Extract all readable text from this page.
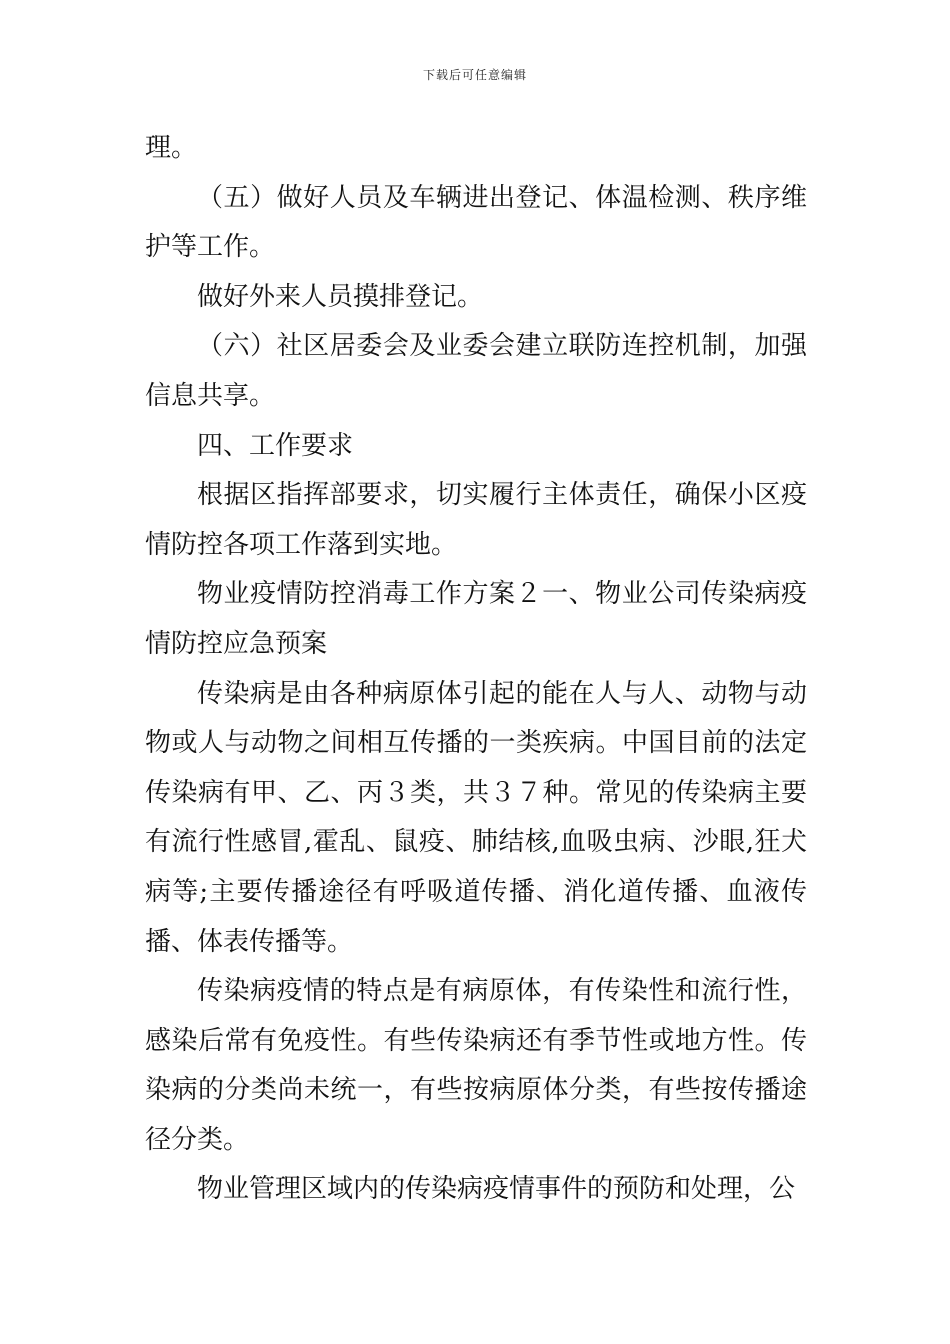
下载后可任意编辑

理。

（五）做好人员及车辆进出登记、体温检测、秩序维护等工作。

做好外来人员摸排登记。

（六）社区居委会及业委会建立联防连控机制，加强信息共享。

四、工作要求

根据区指挥部要求，切实履行主体责任，确保小区疫情防控各项工作落到实地。

物业疫情防控消毒工作方案２一、物业公司传染病疫情防控应急预案

传染病是由各种病原体引起的能在人与人、动物与动物或人与动物之间相互传播的一类疾病。中国目前的法定传染病有甲、乙、丙３类，共３７种。常见的传染病主要有流行性感冒,霍乱、鼠疫、肺结核,血吸虫病、沙眼,狂犬病等;主要传播途径有呼吸道传播、消化道传播、血液传播、体表传播等。

传染病疫情的特点是有病原体，有传染性和流行性，感染后常有免疫性。有些传染病还有季节性或地方性。传染病的分类尚未统一，有些按病原体分类，有些按传播途径分类。

物业管理区域内的传染病疫情事件的预防和处理，公
